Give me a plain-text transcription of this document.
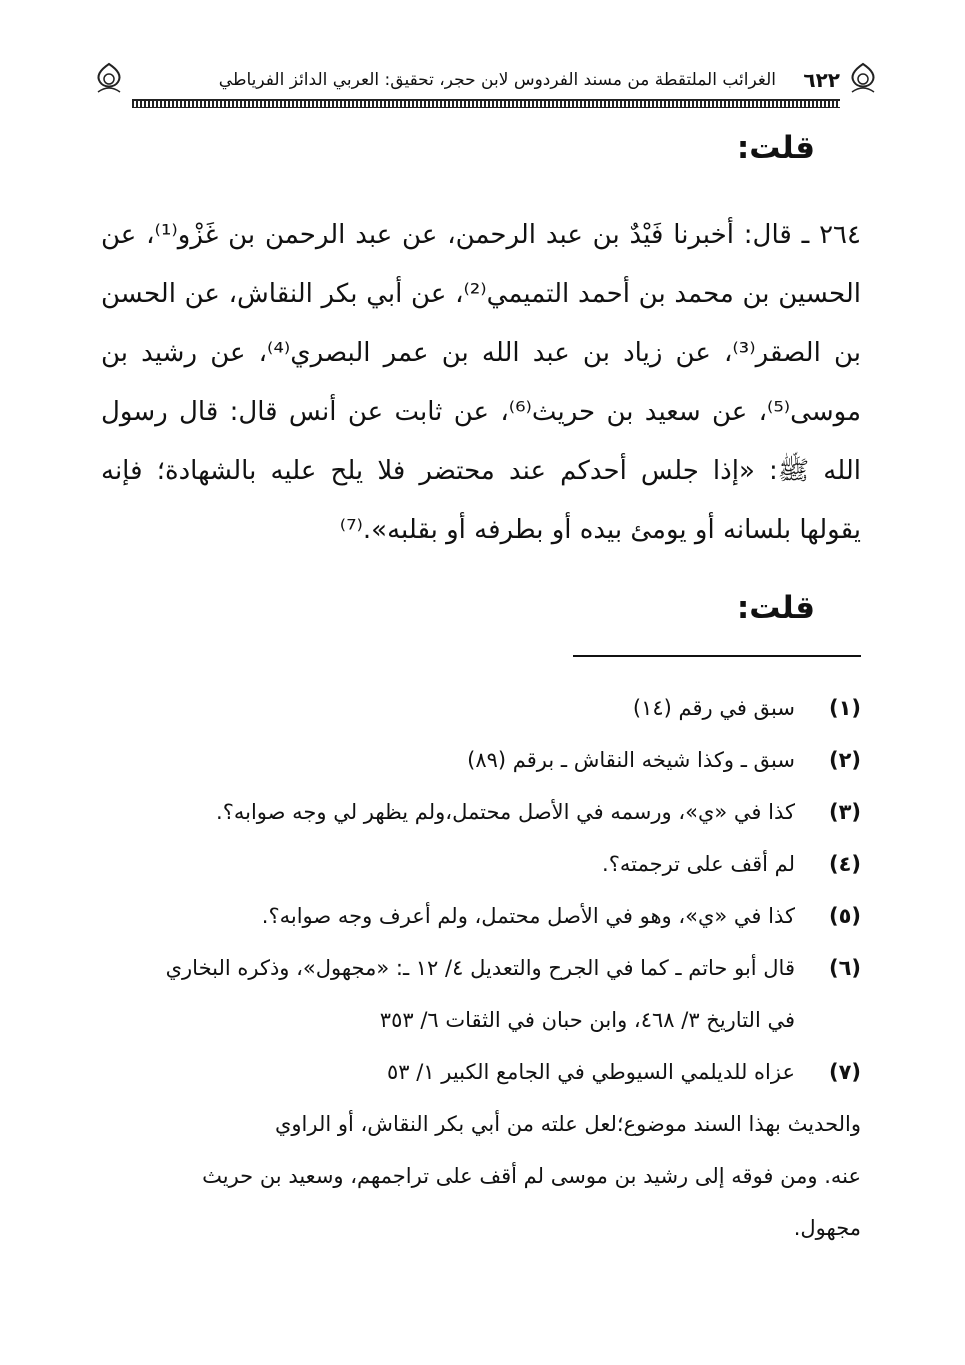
٦٢٢
الغرائب الملتقطة من مسند الفردوس لابن حجر، تحقيق: العربي الدائز الفرياطي
قلت:
٢٦٤ ـ قال: أخبرنا فَيْدٌ بن عبد الرحمن، عن عبد الرحمن بن غَزْو⁽¹⁾، عن الحسين بن محمد بن أحمد التميمي⁽²⁾، عن أبي بكر النقاش، عن الحسن بن الصقر⁽³⁾، عن زياد بن عبد الله بن عمر البصري⁽⁴⁾، عن رشيد بن موسى⁽⁵⁾، عن سعيد بن حريث⁽⁶⁾، عن ثابت عن أنس قال: قال رسول الله ﷺ: «إذا جلس أحدكم عند محتضر فلا يلح عليه بالشهادة؛ فإنه يقولها بلسانه أو يومئ بيده أو بطرفه أو بقلبه».⁽⁷⁾
قلت:
(١)
سبق في رقم (١٤)
(٢)
سبق ـ وكذا شيخه النقاش ـ برقم (٨٩)
(٣)
كذا في «ي»، ورسمه في الأصل محتمل،ولم يظهر لي وجه صوابه؟.
(٤)
لم أقف على ترجمته؟.
(٥)
كذا في «ي»، وهو في الأصل محتمل، ولم أعرف وجه صوابه؟.
(٦)
قال أبو حاتم ـ كما في الجرح والتعديل ٤/ ١٢ ـ: «مجهول»، وذكره البخاري
في التاريخ ٣/ ٤٦٨، وابن حبان في الثقات ٦/ ٣٥٣
(٧)
عزاه للديلمي السيوطي في الجامع الكبير ١/ ٥٣
والحديث بهذا السند موضوع؛لعل علته من أبي بكر النقاش، أو الراوي
عنه. ومن فوقه إلى رشيد بن موسى لم أقف على تراجمهم، وسعيد بن حريث
مجهول.
